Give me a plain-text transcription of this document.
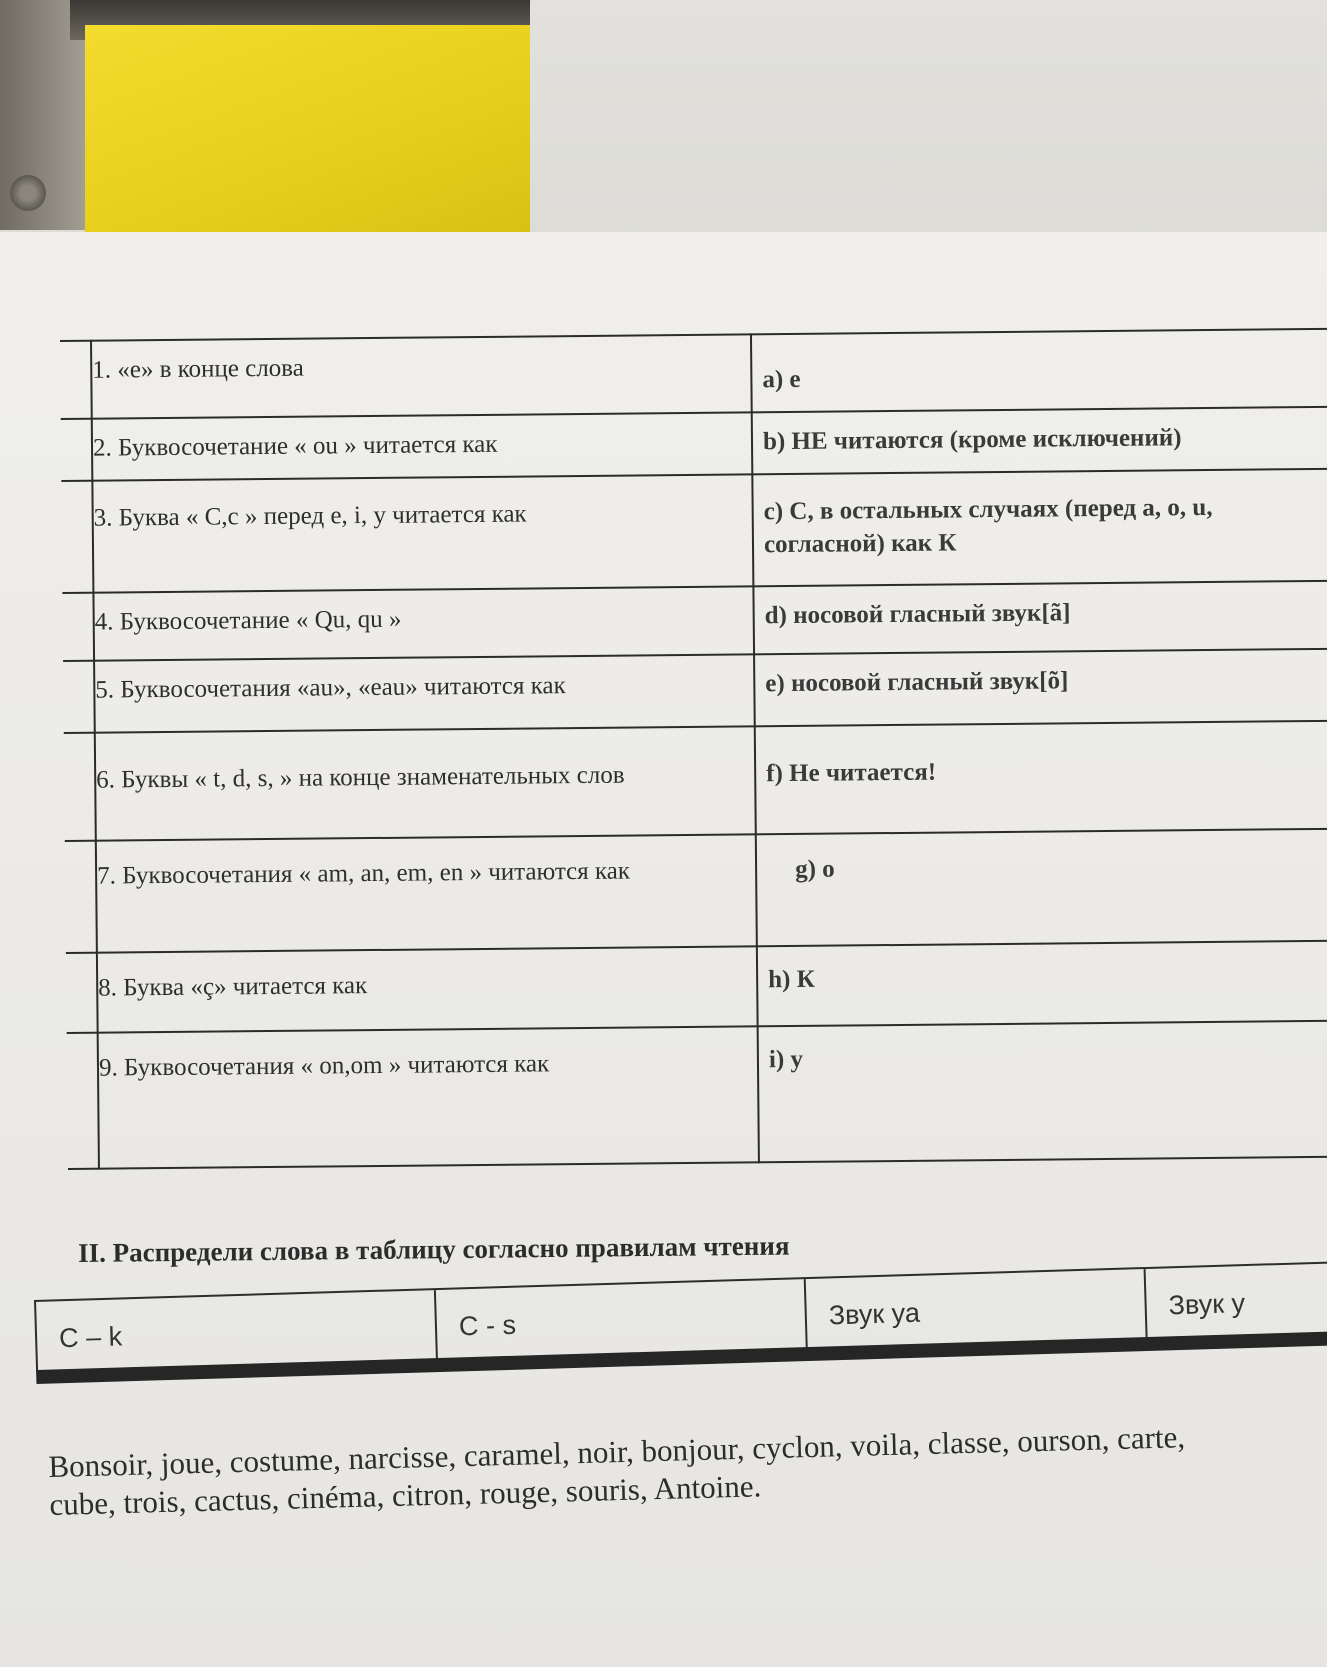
1. «е» в конце слова	a) е
2. Буквосочетание « ou » читается как	b) НЕ читаются (кроме исключений)
3. Буква « C,c » перед e, i, y читается как	c) C, в остальных случаях (перед a, o, u, согласной) как К
4. Буквосочетание « Qu, qu »	d) носовой гласный звук[ã]
5. Буквосочетания «au», «eau» читаются как	e) носовой гласный звук[õ]
6. Буквы « t, d, s, » на конце знаменательных слов	f) Не читается!
7. Буквосочетания « am, an, em, en » читаются как	g) о
8. Буква «ç» читается как	h) К
9. Буквосочетания « on,om » читаются как	i) у
II. Распредели слова в таблицу согласно правилам чтения
C – k	C - s	Звук уа	Звук у
Bonsoir, joue, costume, narcisse, caramel, noir, bonjour, cyclon, voila, classe, ourson, carte,
cube, trois, cactus, cinéma, citron, rouge, souris, Antoine.
